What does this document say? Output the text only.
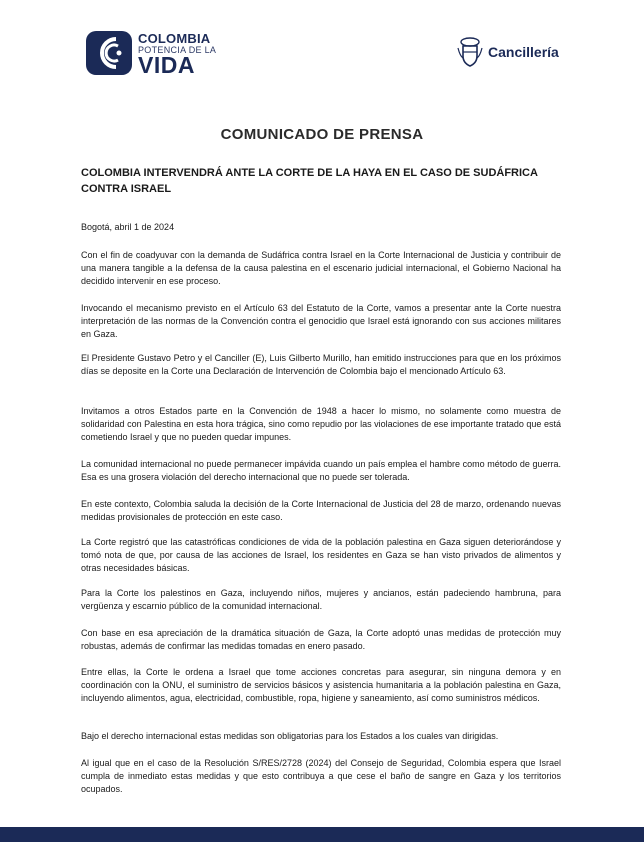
COLOMBIA
POTENCIA DE LA
VIDA	Cancillería
COMUNICADO DE PRENSA
COLOMBIA INTERVENDRÁ ANTE LA CORTE DE LA HAYA EN EL CASO DE SUDÁFRICA CONTRA ISRAEL
Bogotá, abril 1 de 2024
Con el fin de coadyuvar con la demanda de Sudáfrica contra Israel en la Corte Internacional de Justicia y contribuir de una manera tangible a la defensa de la causa palestina en el escenario judicial internacional, el Gobierno Nacional ha decidido intervenir en ese proceso.
Invocando el mecanismo previsto en el Artículo 63 del Estatuto de la Corte, vamos a presentar ante la Corte nuestra interpretación de las normas de la Convención contra el genocidio que Israel está ignorando con sus acciones militares en Gaza.
El Presidente Gustavo Petro y el Canciller (E), Luis Gilberto Murillo, han emitido instrucciones para que en los próximos días se deposite en la Corte una Declaración de Intervención de Colombia bajo el mencionado Artículo 63.
Invitamos a otros Estados parte en la Convención de 1948 a hacer lo mismo, no solamente como muestra de solidaridad con Palestina en esta hora trágica, sino como repudio por las violaciones de ese importante tratado que está cometiendo Israel y que no pueden quedar impunes.
La comunidad internacional no puede permanecer impávida cuando un país emplea el hambre como método de guerra. Esa es una grosera violación del derecho internacional que no puede ser tolerada.
En este contexto, Colombia saluda la decisión de la Corte Internacional de Justicia del 28 de marzo, ordenando nuevas medidas provisionales de protección en este caso.
La Corte registró que las catastróficas condiciones de vida de la población palestina en Gaza siguen deteriorándose y tomó nota de que, por causa de las acciones de Israel, los residentes en Gaza se han visto privados de alimentos y otras necesidades básicas.
Para la Corte los palestinos en Gaza, incluyendo niños, mujeres y ancianos, están padeciendo hambruna, para vergüenza y escarnio público de la comunidad internacional.
Con base en esa apreciación de la dramática situación de Gaza, la Corte adoptó unas medidas de protección muy robustas, además de confirmar las medidas tomadas en enero pasado.
Entre ellas, la Corte le ordena a Israel que tome acciones concretas para asegurar, sin ninguna demora y en coordinación con la ONU, el suministro de servicios básicos y asistencia humanitaria a la población palestina en Gaza, incluyendo alimentos, agua, electricidad, combustible, ropa, higiene y saneamiento, así como suministros médicos.
Bajo el derecho internacional estas medidas son obligatorias para los Estados a los cuales van dirigidas.
Al igual que en el caso de la Resolución S/RES/2728 (2024) del Consejo de Seguridad, Colombia espera que Israel cumpla de inmediato estas medidas y que esto contribuya a que cese el baño de sangre en Gaza y los territorios ocupados.
